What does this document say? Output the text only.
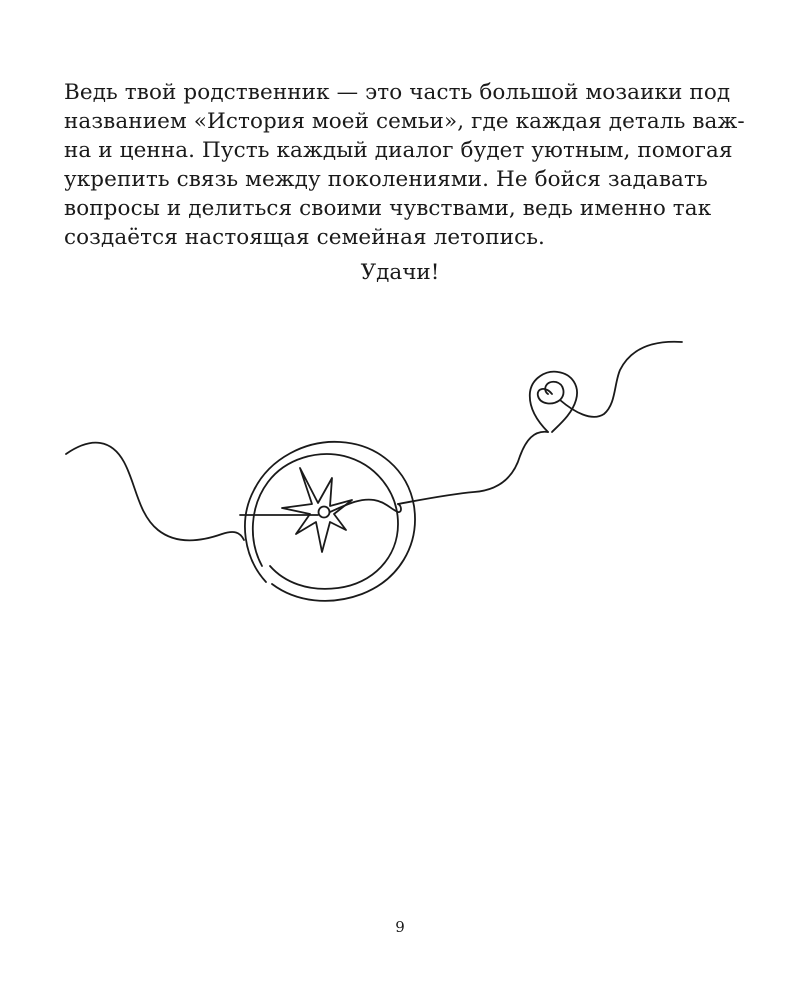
Ведь твой родственник — это часть большой мозаики под
названием «История моей семьи», где каждая деталь важ-
на и ценна. Пусть каждый диалог будет уютным, помогая
укрепить связь между поколениями. Не бойся задавать
вопросы и делиться своими чувствами, ведь именно так
создаётся настоящая семейная летопись.
Удачи!
9
